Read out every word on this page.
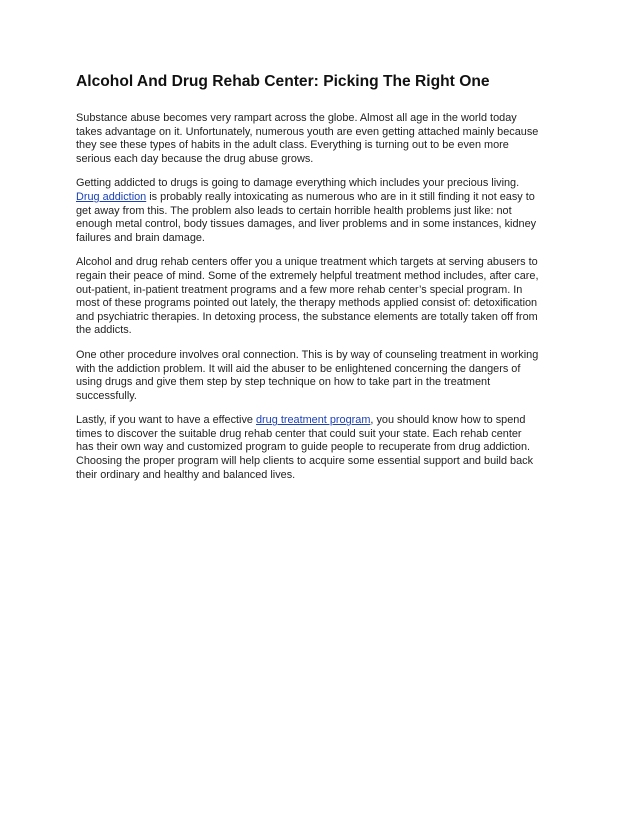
Alcohol And Drug Rehab Center: Picking The Right One

Substance abuse becomes very rampart across the globe. Almost all age in the world today
takes advantage on it. Unfortunately, numerous youth are even getting attached mainly because
they see these types of habits in the adult class. Everything is turning out to be even more
serious each day because the drug abuse grows.

Getting addicted to drugs is going to damage everything which includes your precious living.
Drug addiction is probably really intoxicating as numerous who are in it still finding it not easy to
get away from this. The problem also leads to certain horrible health problems just like: not
enough metal control, body tissues damages, and liver problems and in some instances, kidney
failures and brain damage.

Alcohol and drug rehab centers offer you a unique treatment which targets at serving abusers to
regain their peace of mind. Some of the extremely helpful treatment method includes, after care,
out-patient, in-patient treatment programs and a few more rehab center’s special program. In
most of these programs pointed out lately, the therapy methods applied consist of: detoxification
and psychiatric therapies. In detoxing process, the substance elements are totally taken off from
the addicts.

One other procedure involves oral connection. This is by way of counseling treatment in working
with the addiction problem. It will aid the abuser to be enlightened concerning the dangers of
using drugs and give them step by step technique on how to take part in the treatment
successfully.

Lastly, if you want to have a effective drug treatment program, you should know how to spend
times to discover the suitable drug rehab center that could suit your state. Each rehab center
has their own way and customized program to guide people to recuperate from drug addiction.
Choosing the proper program will help clients to acquire some essential support and build back
their ordinary and healthy and balanced lives.
